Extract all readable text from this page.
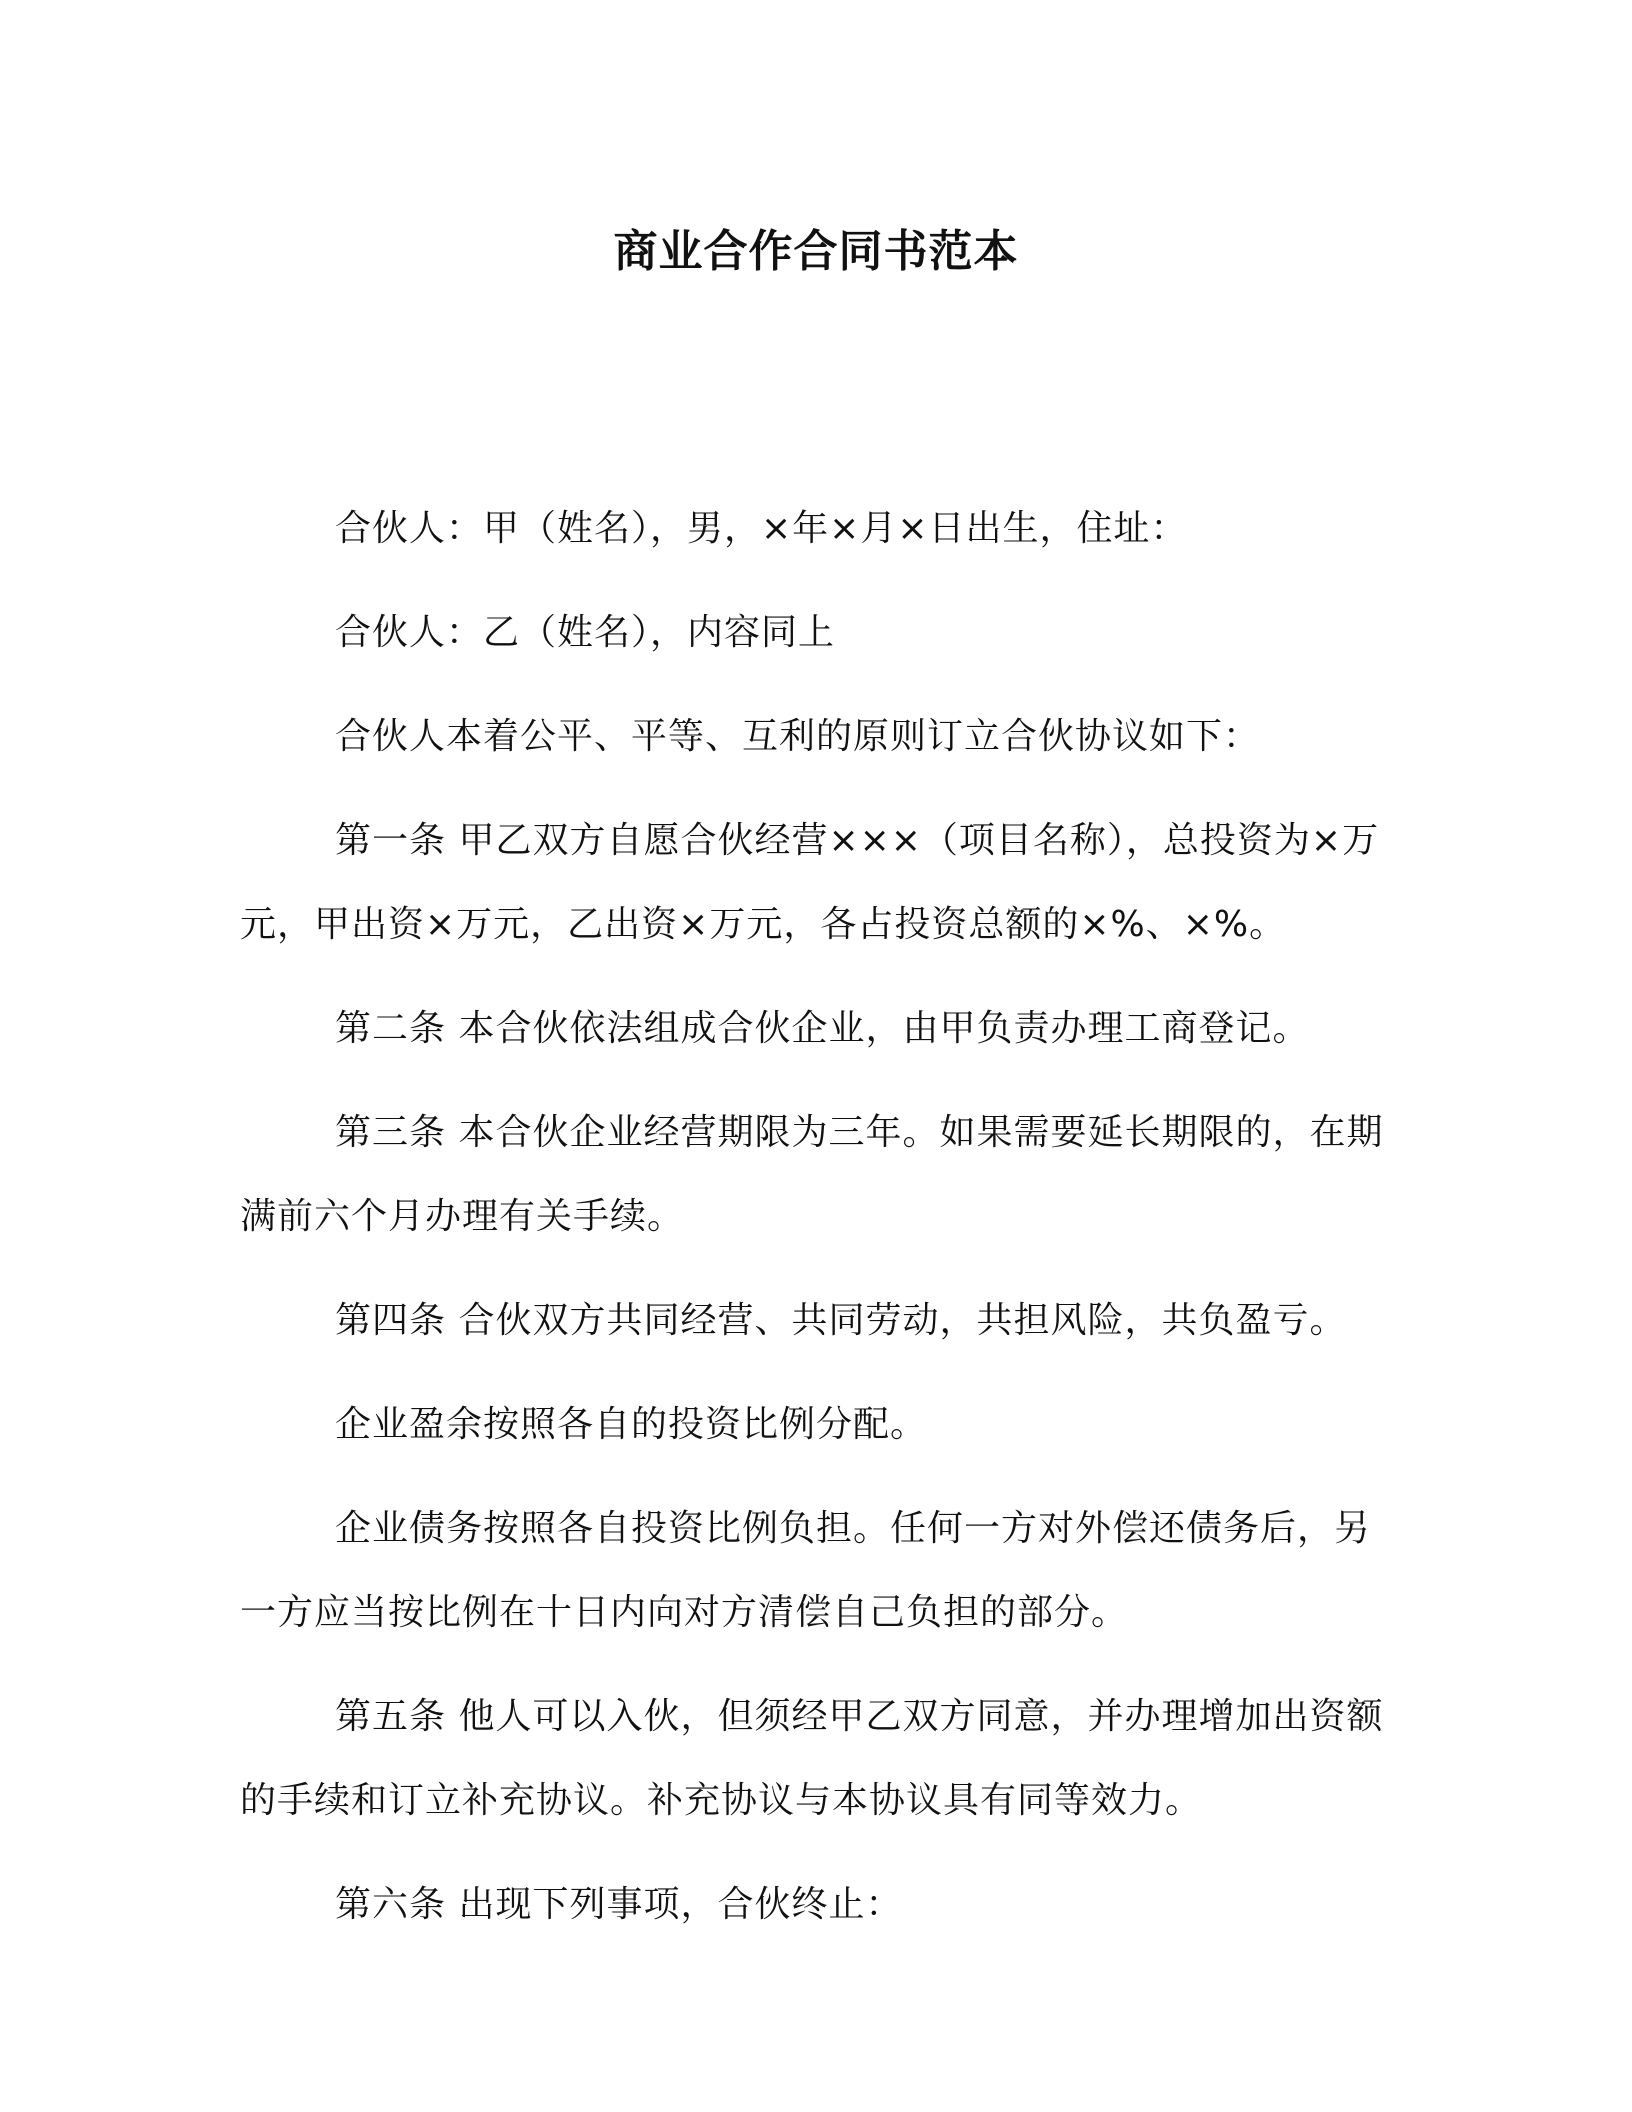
商业合作合同书范本

合伙人：甲（姓名），男，×年×月×日出生，住址：

合伙人：乙（姓名），内容同上

合伙人本着公平、平等、互利的原则订立合伙协议如下：

第一条 甲乙双方自愿合伙经营×××（项目名称），总投资为×万元，甲出资×万元，乙出资×万元，各占投资总额的×%、×%。

第二条 本合伙依法组成合伙企业，由甲负责办理工商登记。

第三条 本合伙企业经营期限为三年。如果需要延长期限的，在期满前六个月办理有关手续。

第四条 合伙双方共同经营、共同劳动，共担风险，共负盈亏。

企业盈余按照各自的投资比例分配。

企业债务按照各自投资比例负担。任何一方对外偿还债务后，另一方应当按比例在十日内向对方清偿自己负担的部分。

第五条 他人可以入伙，但须经甲乙双方同意，并办理增加出资额的手续和订立补充协议。补充协议与本协议具有同等效力。

第六条 出现下列事项，合伙终止：
